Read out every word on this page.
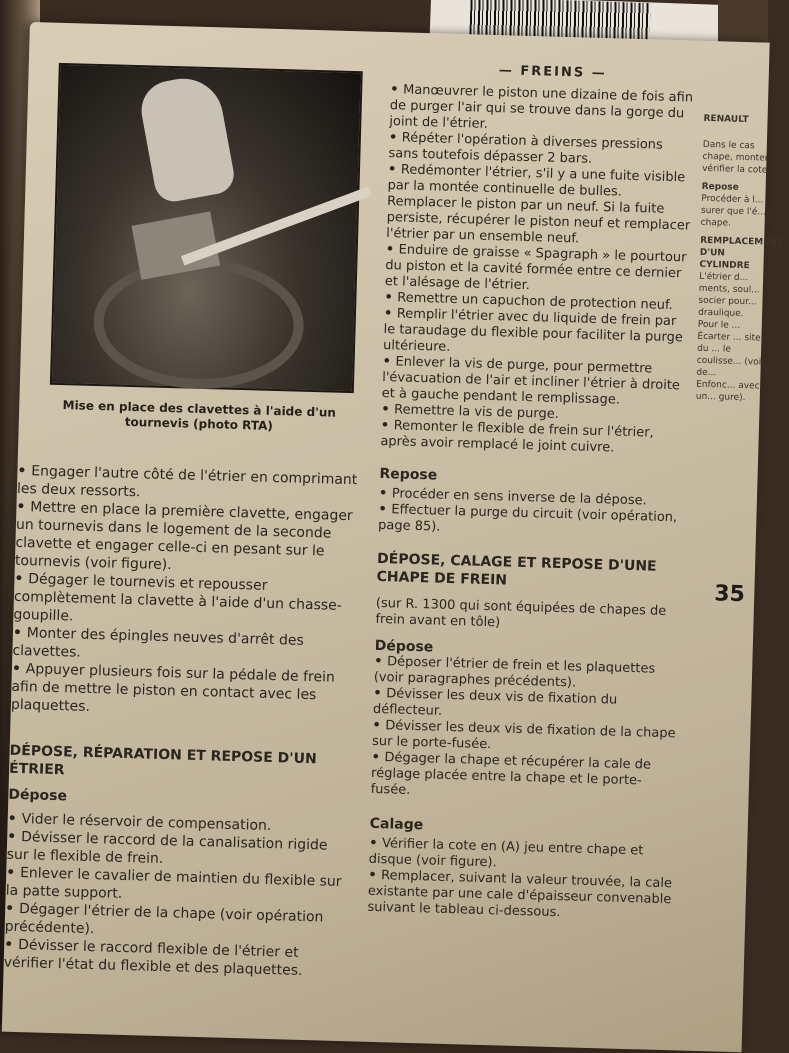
Mise en place des clavettes à l'aide d'un
tournevis (photo RTA)
— FREINS —

• Engager l'autre côté de l'étrier en comprimant les deux ressorts.

• Mettre en place la première clavette, engager un tournevis dans le logement de la seconde clavette et engager celle-ci en pesant sur le tournevis (voir figure).

• Dégager le tournevis et repousser complètement la clavette à l'aide d'un chasse-goupille.

• Monter des épingles neuves d'arrêt des clavettes.

• Appuyer plusieurs fois sur la pédale de frein afin de mettre le piston en contact avec les plaquettes.

DÉPOSE, RÉPARATION ET REPOSE D'UN ÉTRIER

Dépose

• Vider le réservoir de compensation.

• Dévisser le raccord de la canalisation rigide sur le flexible de frein.

• Enlever le cavalier de maintien du flexible sur la patte support.

• Dégager l'étrier de la chape (voir opération précédente).

• Dévisser le raccord flexible de l'étrier et vérifier l'état du flexible et des plaquettes.

• Manœuvrer le piston une dizaine de fois afin de purger l'air qui se trouve dans la gorge du joint de l'étrier.

• Répéter l'opération à diverses pressions sans toutefois dépasser 2 bars.

• Redémonter l'étrier, s'il y a une fuite visible par la montée continuelle de bulles. Remplacer le piston par un neuf. Si la fuite persiste, récupérer le piston neuf et remplacer l'étrier par un ensemble neuf.

• Enduire de graisse « Spagraph » le pourtour du piston et la cavité formée entre ce dernier et l'alésage de l'étrier.

• Remettre un capuchon de protection neuf.

• Remplir l'étrier avec du liquide de frein par le taraudage du flexible pour faciliter la purge ultérieure.

• Enlever la vis de purge, pour permettre l'évacuation de l'air et incliner l'étrier à droite et à gauche pendant le remplissage.

• Remettre la vis de purge.

• Remonter le flexible de frein sur l'étrier, après avoir remplacé le joint cuivre.

Repose

• Procéder en sens inverse de la dépose.

• Effectuer la purge du circuit (voir opération, page 85).

DÉPOSE, CALAGE ET REPOSE D'UNE CHAPE DE FREIN

(sur R. 1300 qui sont équipées de chapes de frein avant en tôle)

Dépose

• Déposer l'étrier de frein et les plaquettes (voir paragraphes précédents).

• Dévisser les deux vis de fixation du déflecteur.

• Dévisser les deux vis de fixation de la chape sur le porte-fusée.

• Dégager la chape et récupérer la cale de réglage placée entre la chape et le porte-fusée.

Calage

• Vérifier la cote en (A) jeu entre chape et disque (voir figure).

• Remplacer, suivant la valeur trouvée, la cale existante par une cale d'épaisseur convenable suivant le tableau ci-dessous.

RENAULT
Dans le cas chape, monter vérifier la cote
Repose
Procéder à l... surer que l'é... chape.
REMPLACEMENT D'UN CYLINDRE
L'étrier d... ments, soul... socier pour... draulique.
Pour le ...
Écarter ... sites du ... le coulisse... (voir de...
Enfonc... avec un... gure).
35
